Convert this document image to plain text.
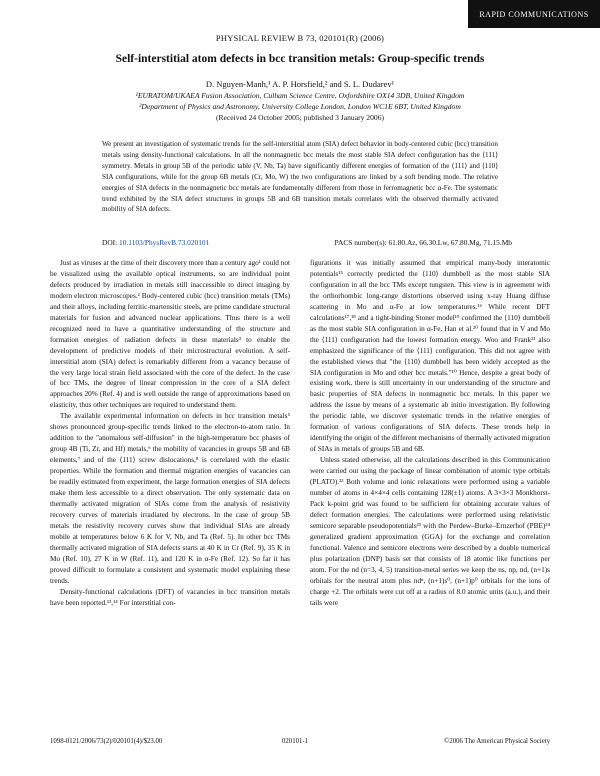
RAPID COMMUNICATIONS
PHYSICAL REVIEW B 73, 020101(R) (2006)
Self-interstitial atom defects in bcc transition metals: Group-specific trends
D. Nguyen-Manh,¹ A. P. Horsfield,² and S. L. Dudarev¹
¹EURATOM/UKAEA Fusion Association, Culham Science Centre, Oxfordshire OX14 3DB, United Kingdom
²Department of Physics and Astronomy, University College London, London WC1E 6BT, United Kingdom
(Received 24 October 2005; published 3 January 2006)
We present an investigation of systematic trends for the self-interstitial atom (SIA) defect behavior in body-centered cubic (bcc) transition metals using density-functional calculations. In all the nonmagnetic bcc metals the most stable SIA defect configuration has the ⟨111⟩ symmetry. Metals in group 5B of the periodic table (V, Nb, Ta) have significantly different energies of formation of the ⟨111⟩ and ⟨110⟩ SIA configurations, while for the group 6B metals (Cr, Mo, W) the two configurations are linked by a soft bending mode. The relative energies of SIA defects in the nonmagnetic bcc metals are fundamentally different from those in ferromagnetic bcc α-Fe. The systematic trend exhibited by the SIA defect structures in groups 5B and 6B transition metals correlates with the observed thermally activated mobility of SIA defects.
DOI: 10.1103/PhysRevB.73.020101	PACS number(s): 61.80.Az, 66.30.Lw, 67.80.Mg, 71.15.Mb

Just as viruses at the time of their discovery more than a century ago¹ could not be visualized using the available optical instruments, so are individual point defects produced by irradiation in metals still inaccessible to direct imaging by modern electron microscopes.² Body-centered cubic (bcc) transition metals (TMs) and their alloys, including ferritic-martensitic steels, are prime candidate structural materials for fusion and advanced nuclear applications. Thus there is a well recognized need to have a quantitative understanding of the structure and formation energies of radiation defects in these materials³ to enable the development of predictive models of their microstructural evolution. A self-interstitial atom (SIA) defect is remarkably different from a vacancy because of the very large local strain field associated with the core of the defect. In the case of bcc TMs, the degree of linear compression in the core of a SIA defect approaches 20% (Ref. 4) and is well outside the range of approximations based on elasticity, thus other techniques are required to understand them.

The available experimental information on defects in bcc transition metals⁵ shows pronounced group-specific trends linked to the electron-to-atom ratio. In addition to the "anomalous self-diffusion" in the high-temperature bcc phases of group 4B (Ti, Zr, and Hf) metals,⁶ the mobility of vacancies in groups 5B and 6B elements,⁷ and of the ⟨111⟩ screw dislocations,⁸ is correlated with the elastic properties. While the formation and thermal migration energies of vacancies can be readily estimated from experiment, the large formation energies of SIA defects make them less accessible to a direct observation. The only systematic data on thermally activated migration of SIAs come from the analysis of resistivity recovery curves of materials irradiated by electrons. In the case of group 5B metals the resistivity recovery curves show that individual SIAs are already mobile at temperatures below 6 K for V, Nb, and Ta (Ref. 5). In other bcc TMs thermally activated migration of SIA defects starts at 40 K in Cr (Ref. 9), 35 K in Mo (Ref. 10), 27 K in W (Ref. 11), and 120 K in α-Fe (Ref. 12). So far it has proved difficult to formulate a consistent and systematic model explaining these trends.

Density-functional calculations (DFT) of vacancies in bcc transition metals have been reported.¹³,¹⁴ For interstitial con-

figurations it was initially assumed that empirical many-body interatomic potentials¹⁵ correctly predicted the ⟨110⟩ dumbbell as the most stable SIA configuration in all the bcc TMs except tungsten. This view is in agreement with the orthorhombic long-range distortions observed using x-ray Huang diffuse scattering in Mo and α-Fe at low temperatures.¹⁶ While recent DFT calculations¹⁷,¹⁸ and a tight-binding Stoner model¹⁹ confirmed the ⟨110⟩ dumbbell as the most stable SIA configuration in α-Fe, Han et al.²⁰ found that in V and Mo the ⟨111⟩ configuration had the lowest formation energy. Woo and Frank²¹ also emphasized the significance of the ⟨111⟩ configuration. This did not agree with the established views that "the ⟨110⟩ dumbbell has been widely accepted as the SIA configuration in Mo and other bcc metals."¹⁰ Hence, despite a great body of existing work, there is still uncertainty in our understanding of the structure and basic properties of SIA defects in nonmagnetic bcc metals. In this paper we address the issue by means of a systematic ab initio investigation. By following the periodic table, we discover systematic trends in the relative energies of formation of various configurations of SIA defects. These trends help in identifying the origin of the different mechanisms of thermally activated migration of SIAs in metals of groups 5B and 6B.

Unless stated otherwise, all the calculations described in this Communication were carried out using the package of linear combination of atomic type orbitals (PLATO).²² Both volume and ionic relaxations were performed using a variable number of atoms in 4×4×4 cells containing 128(±1) atoms. A 3×3×3 Monkhorst-Pack k-point grid was found to be sufficient for obtaining accurate values of defect formation energies. The calculations were performed using relativistic semicore separable pseudopotentials²³ with the Perdew–Burke–Ernzerhof (PBE)²⁴ generalized gradient approximation (GGA) for the exchange and correlation functional. Valence and semicore electrons were described by a double numerical plus polarization (DNP) basis set that consists of 18 atomic like functions per atom. For the nd (n=3, 4, 5) transition-metal series we keep the ns, np, nd, (n+1)s orbitals for the neutral atom plus ndⁿ, (n+1)s⁰, (n+1)p⁰ orbitals for the ions of charge +2. The orbitals were cut off at a radius of 8.0 atomic units (a.u.), and their tails were

1098-0121/2006/73(2)/020101(4)/$23.00	020101-1	©2006 The American Physical Society
